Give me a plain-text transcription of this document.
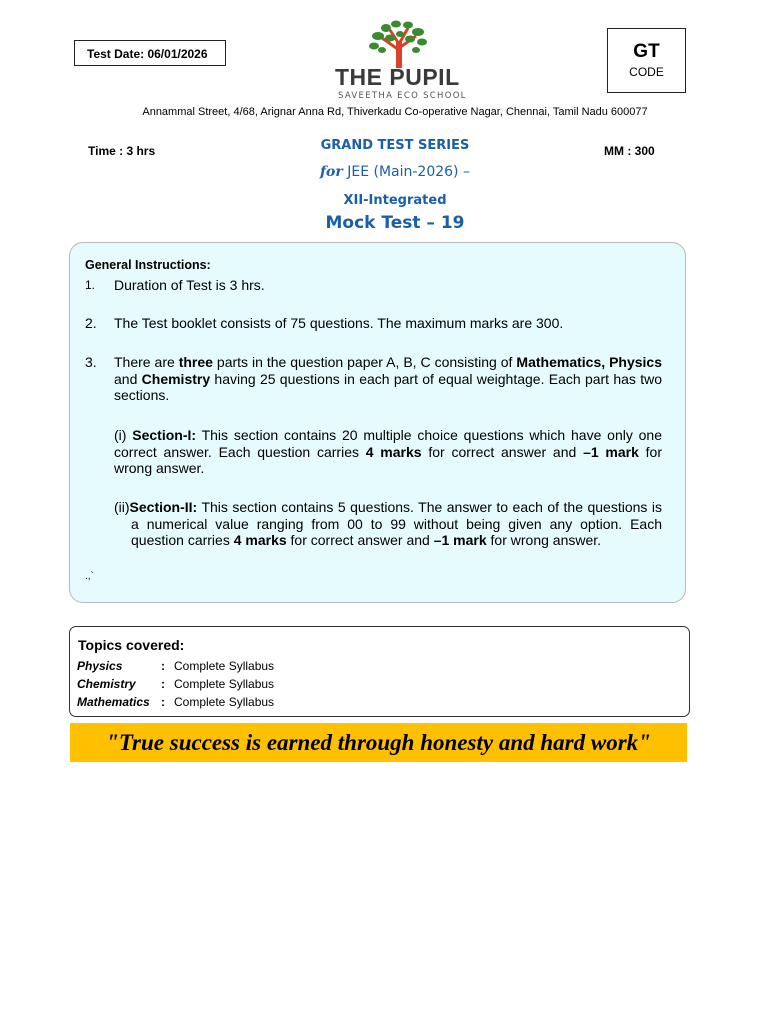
Test Date: 06/01/2026
THE PUPIL
SAVEETHA ECO SCHOOL
GT
CODE
Annammal Street, 4/68, Arignar Anna Rd, Thiverkadu Co-operative Nagar, Chennai, Tamil Nadu 600077
Time : 3 hrs	MM : 300
GRAND TEST SERIES
for JEE (Main-2026) –
XII-Integrated
Mock Test – 19
General Instructions:
1. Duration of Test is 3 hrs.
2. The Test booklet consists of 75 questions. The maximum marks are 300.
3. There are three parts in the question paper A, B, C consisting of Mathematics, Physics and Chemistry having 25 questions in each part of equal weightage. Each part has two sections.
(i) Section-I: This section contains 20 multiple choice questions which have only one correct answer. Each question carries 4 marks for correct answer and –1 mark for wrong answer.
(ii)Section-II: This section contains 5 questions. The answer to each of the questions is a numerical value ranging from 00 to 99 without being given any option. Each question carries 4 marks for correct answer and –1 mark for wrong answer.
.,`
Topics covered:
Physics	: Complete Syllabus
Chemistry : Complete Syllabus
Mathematics : Complete Syllabus
"True success is earned through honesty and hard work"
